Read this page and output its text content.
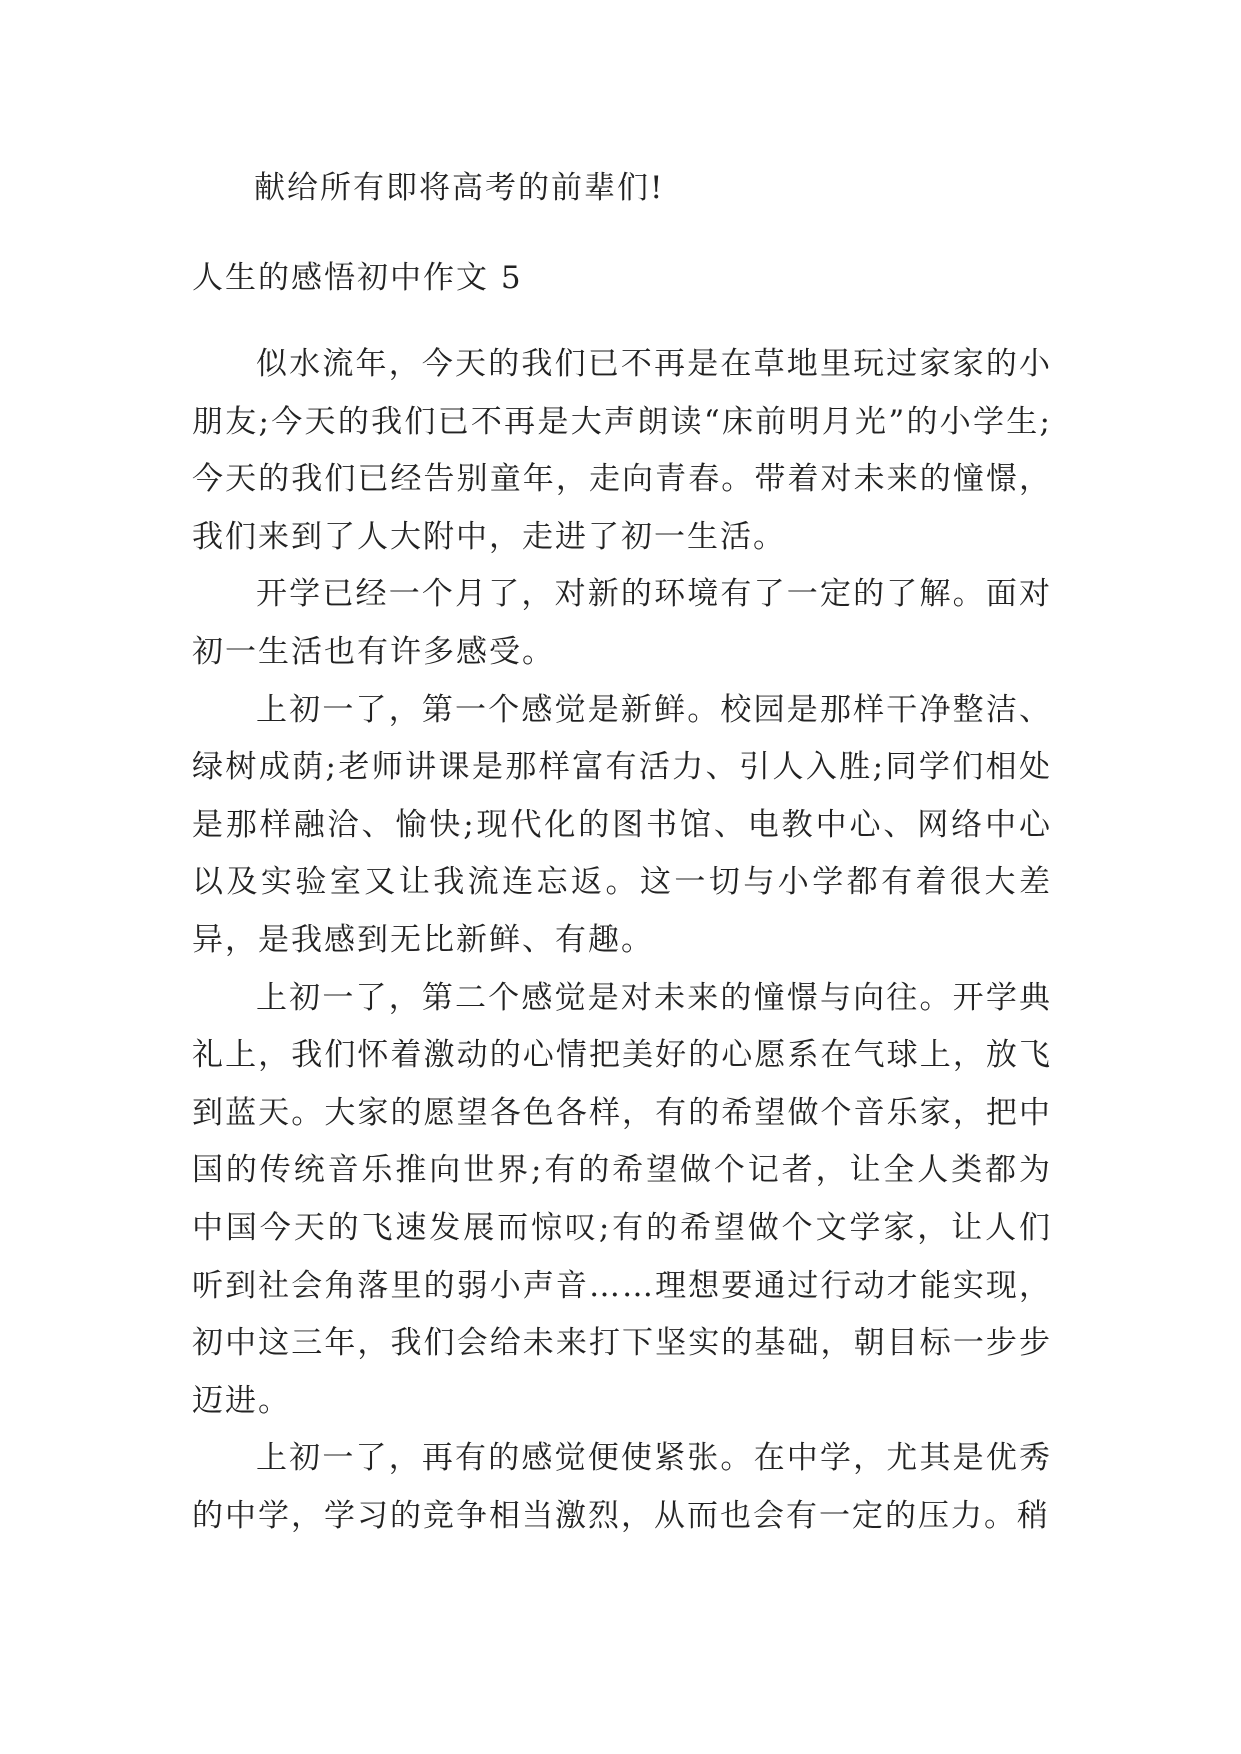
献给所有即将高考的前辈们!
人生的感悟初中作文 5

似水流年，今天的我们已不再是在草地里玩过家家的小朋友;今天的我们已不再是大声朗读“床前明月光”的小学生;今天的我们已经告别童年，走向青春。带着对未来的憧憬，我们来到了人大附中，走进了初一生活。

开学已经一个月了，对新的环境有了一定的了解。面对初一生活也有许多感受。

上初一了，第一个感觉是新鲜。校园是那样干净整洁、绿树成荫;老师讲课是那样富有活力、引人入胜;同学们相处是那样融洽、愉快;现代化的图书馆、电教中心、网络中心以及实验室又让我流连忘返。这一切与小学都有着很大差异，是我感到无比新鲜、有趣。

上初一了，第二个感觉是对未来的憧憬与向往。开学典礼上，我们怀着激动的心情把美好的心愿系在气球上，放飞到蓝天。大家的愿望各色各样，有的希望做个音乐家，把中国的传统音乐推向世界;有的希望做个记者，让全人类都为中国今天的飞速发展而惊叹;有的希望做个文学家，让人们听到社会角落里的弱小声音……理想要通过行动才能实现，初中这三年，我们会给未来打下坚实的基础，朝目标一步步迈进。

上初一了，再有的感觉便使紧张。在中学，尤其是优秀的中学，学习的竞争相当激烈，从而也会有一定的压力。稍
